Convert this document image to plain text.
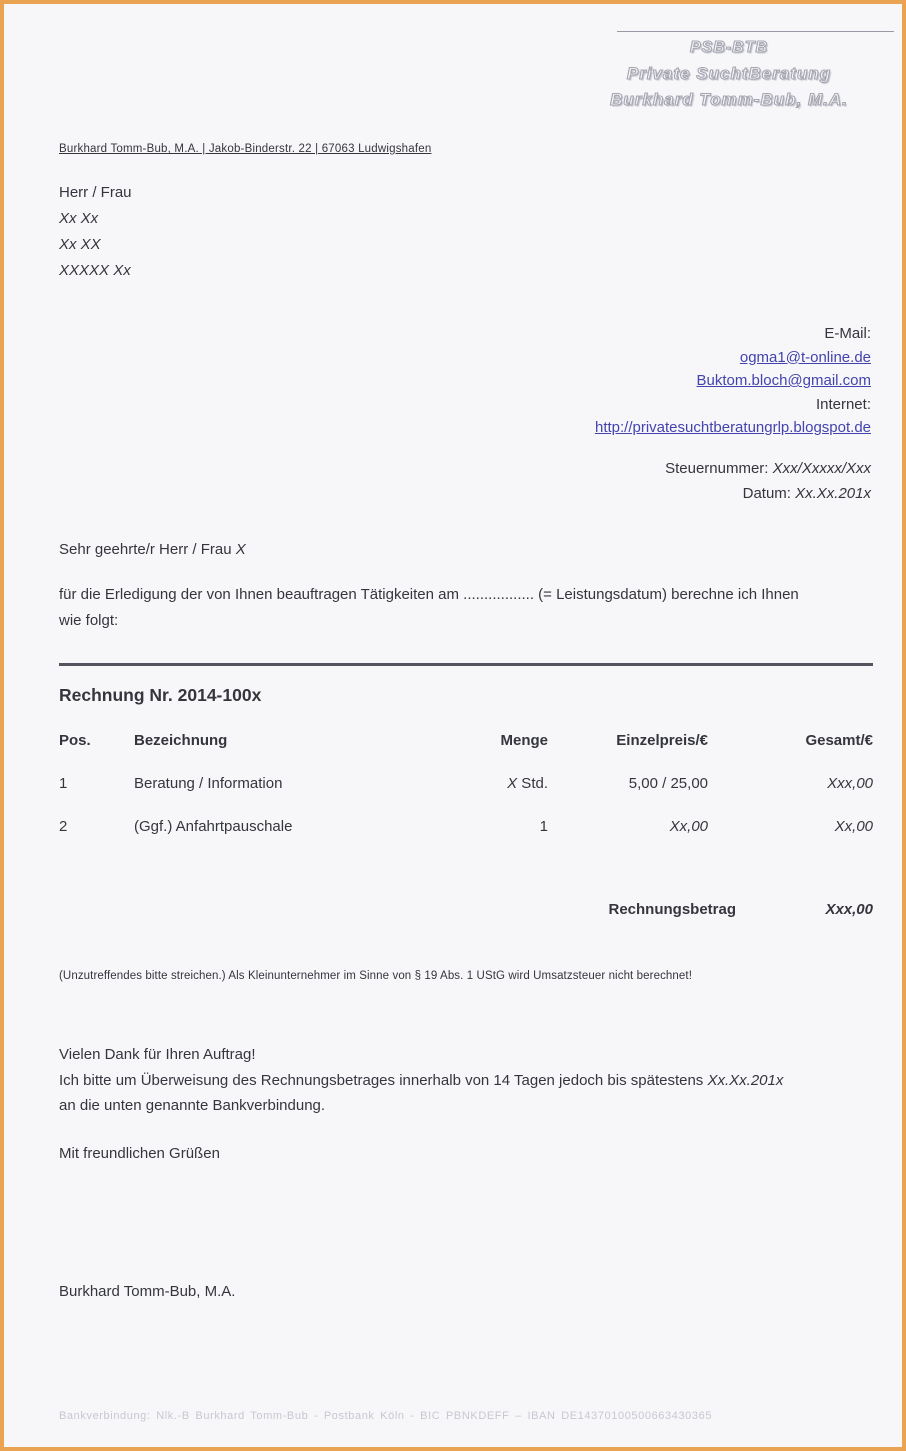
PSB-BTB
Private SuchtBeratung
Burkhard Tomm-Bub, M.A.
Burkhard Tomm-Bub, M.A. | Jakob-Binderstr. 22 | 67063 Ludwigshafen
Herr / Frau
Xx Xx
Xx XX
XXXXX Xx
E-Mail:
ogma1@t-online.de
Buktom.bloch@gmail.com
Internet:
http://privatesuchtberatungrlp.blogspot.de
Steuernummer: Xxx/Xxxxx/Xxx
Datum: Xx.Xx.201x
Sehr geehrte/r Herr / Frau X
für die Erledigung der von Ihnen beauftragen Tätigkeiten am ................. (= Leistungsdatum) berechne ich Ihnen
wie folgt:
Rechnung Nr. 2014-100x
Pos.	Bezeichnung	Menge	Einzelpreis/€	Gesamt/€
1	Beratung / Information	X Std.	5,00 / 25,00	Xxx,00
2	(Ggf.) Anfahrtpauschale	1	Xx,00	Xx,00
Rechnungsbetrag	Xxx,00
(Unzutreffendes bitte streichen.) Als Kleinunternehmer im Sinne von § 19 Abs. 1 UStG wird Umsatzsteuer nicht berechnet!
Vielen Dank für Ihren Auftrag!
Ich bitte um Überweisung des Rechnungsbetrages innerhalb von 14 Tagen jedoch bis spätestens Xx.Xx.201x
an die unten genannte Bankverbindung.
Mit freundlichen Grüßen
Burkhard Tomm-Bub, M.A.
Bankverbindung: Nlk.-B Burkhard Tomm-Bub - Postbank Köln - BIC PBNKDEFF – IBAN DE14370100500663430365
